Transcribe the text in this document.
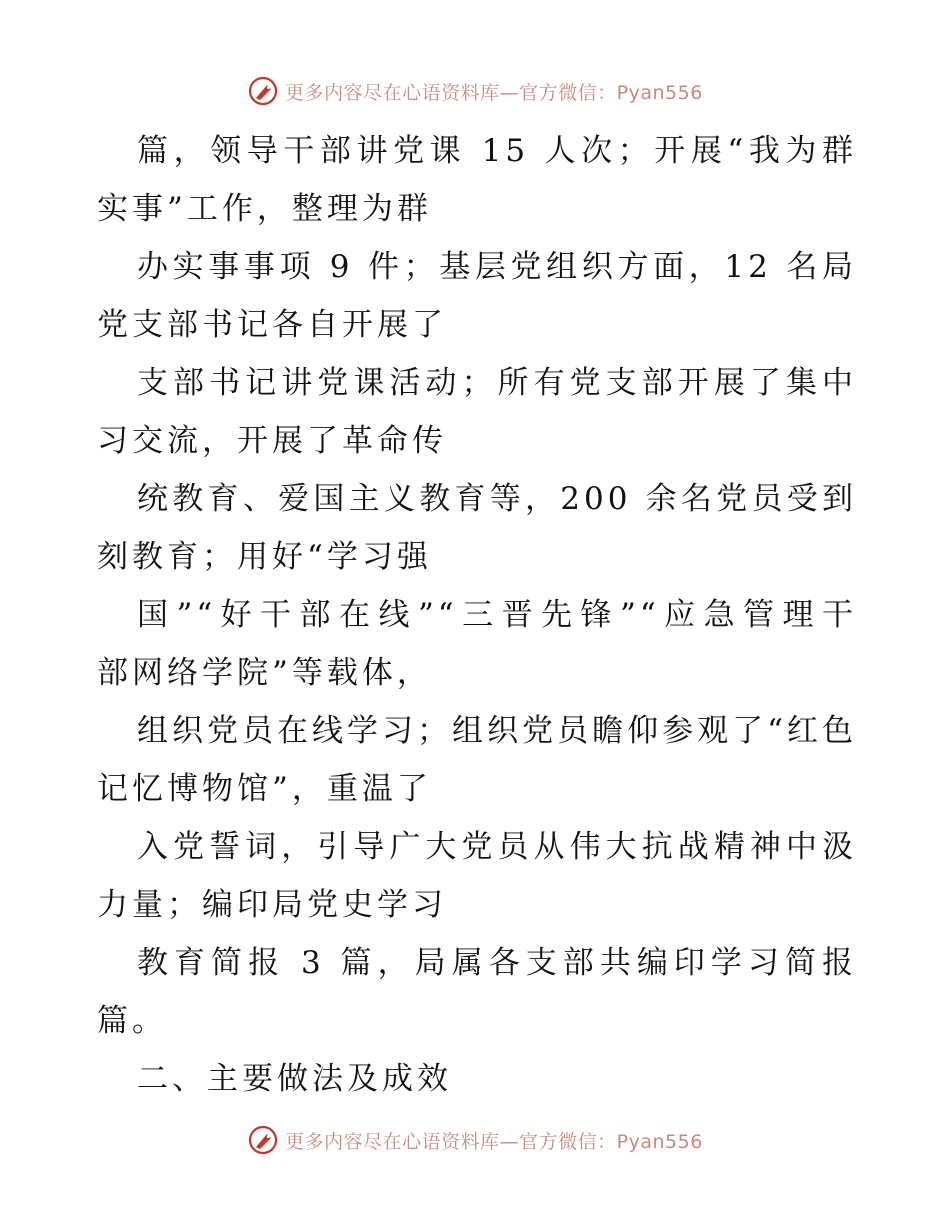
更多内容尽在心语资料库—官方微信：Pyan556
篇，领导干部讲党课 15 人次；开展“我为群
实事”工作，整理为群
办实事事项 9 件；基层党组织方面，12 名局
党支部书记各自开展了
支部书记讲党课活动；所有党支部开展了集中
习交流，开展了革命传
统教育、爱国主义教育等，200 余名党员受到
刻教育；用好“学习强
国”“好干部在线”“三晋先锋”“应急管理干
部网络学院”等载体，
组织党员在线学习；组织党员瞻仰参观了“红色
记忆博物馆”，重温了
入党誓词，引导广大党员从伟大抗战精神中汲
力量；编印局党史学习
教育简报 3 篇，局属各支部共编印学习简报
篇。
二、主要做法及成效
更多内容尽在心语资料库—官方微信：Pyan556
